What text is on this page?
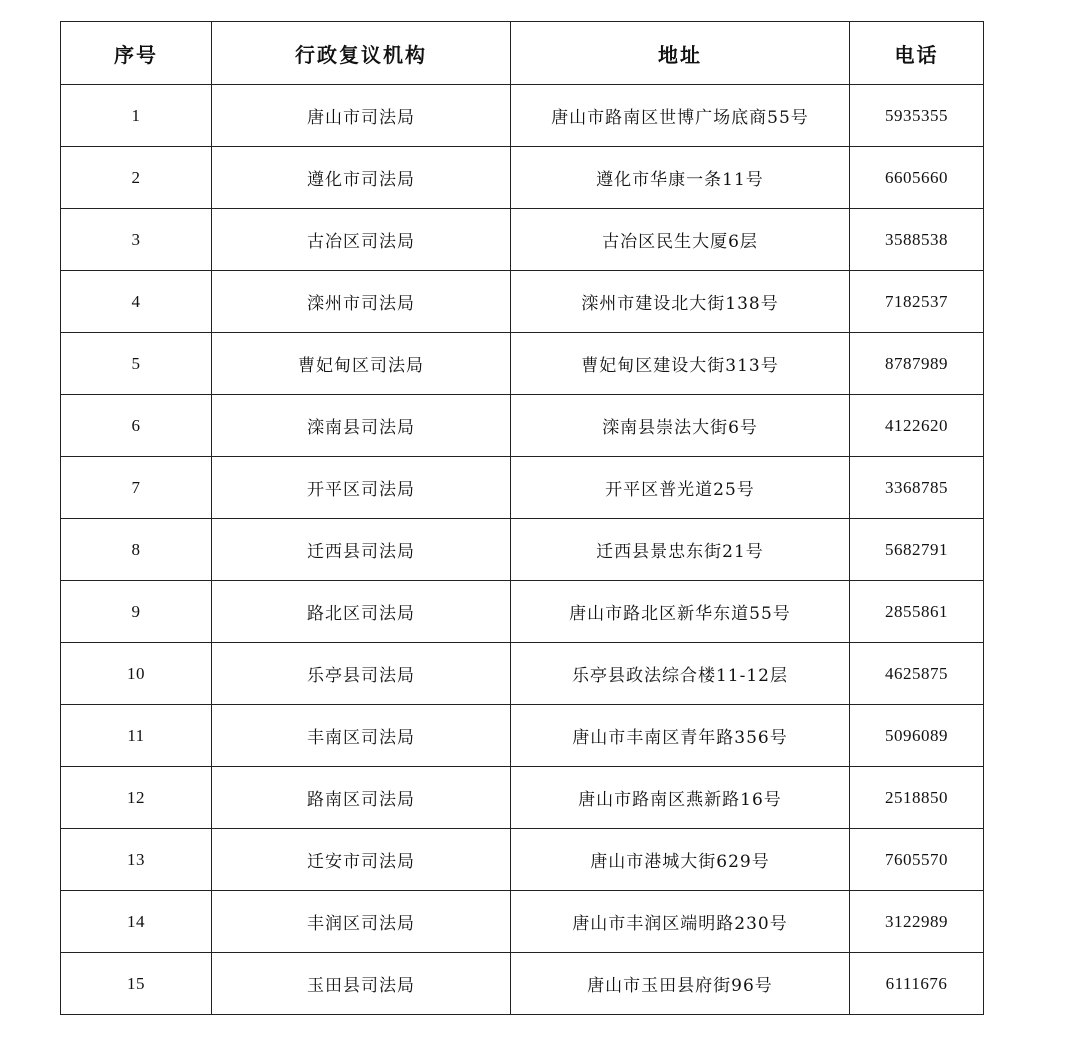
序号	行政复议机构	地址	电话
1	唐山市司法局	唐山市路南区世博广场底商55号	5935355
2	遵化市司法局	遵化市华康一条11号	6605660
3	古冶区司法局	古冶区民生大厦6层	3588538
4	滦州市司法局	滦州市建设北大街138号	7182537
5	曹妃甸区司法局	曹妃甸区建设大街313号	8787989
6	滦南县司法局	滦南县崇法大街6号	4122620
7	开平区司法局	开平区普光道25号	3368785
8	迁西县司法局	迁西县景忠东街21号	5682791
9	路北区司法局	唐山市路北区新华东道55号	2855861
10	乐亭县司法局	乐亭县政法综合楼11-12层	4625875
11	丰南区司法局	唐山市丰南区青年路356号	5096089
12	路南区司法局	唐山市路南区燕新路16号	2518850
13	迁安市司法局	唐山市港城大街629号	7605570
14	丰润区司法局	唐山市丰润区端明路230号	3122989
15	玉田县司法局	唐山市玉田县府街96号	6111676
